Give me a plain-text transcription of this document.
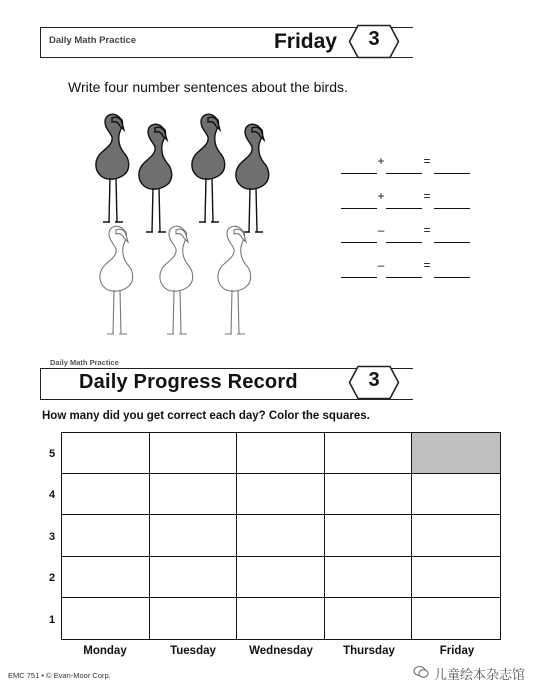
Daily Math Practice	Friday	3
Write four number sentences about the birds.
+	=
+	=
–	=
–	=
Daily Math Practice
Daily Progress Record	3
How many did you get correct each day? Color the squares.
5
4
3
2
1
Monday	Tuesday	Wednesday	Thursday	Friday
EMC 751 • © Evan-Moor Corp.	儿童绘本杂志馆
